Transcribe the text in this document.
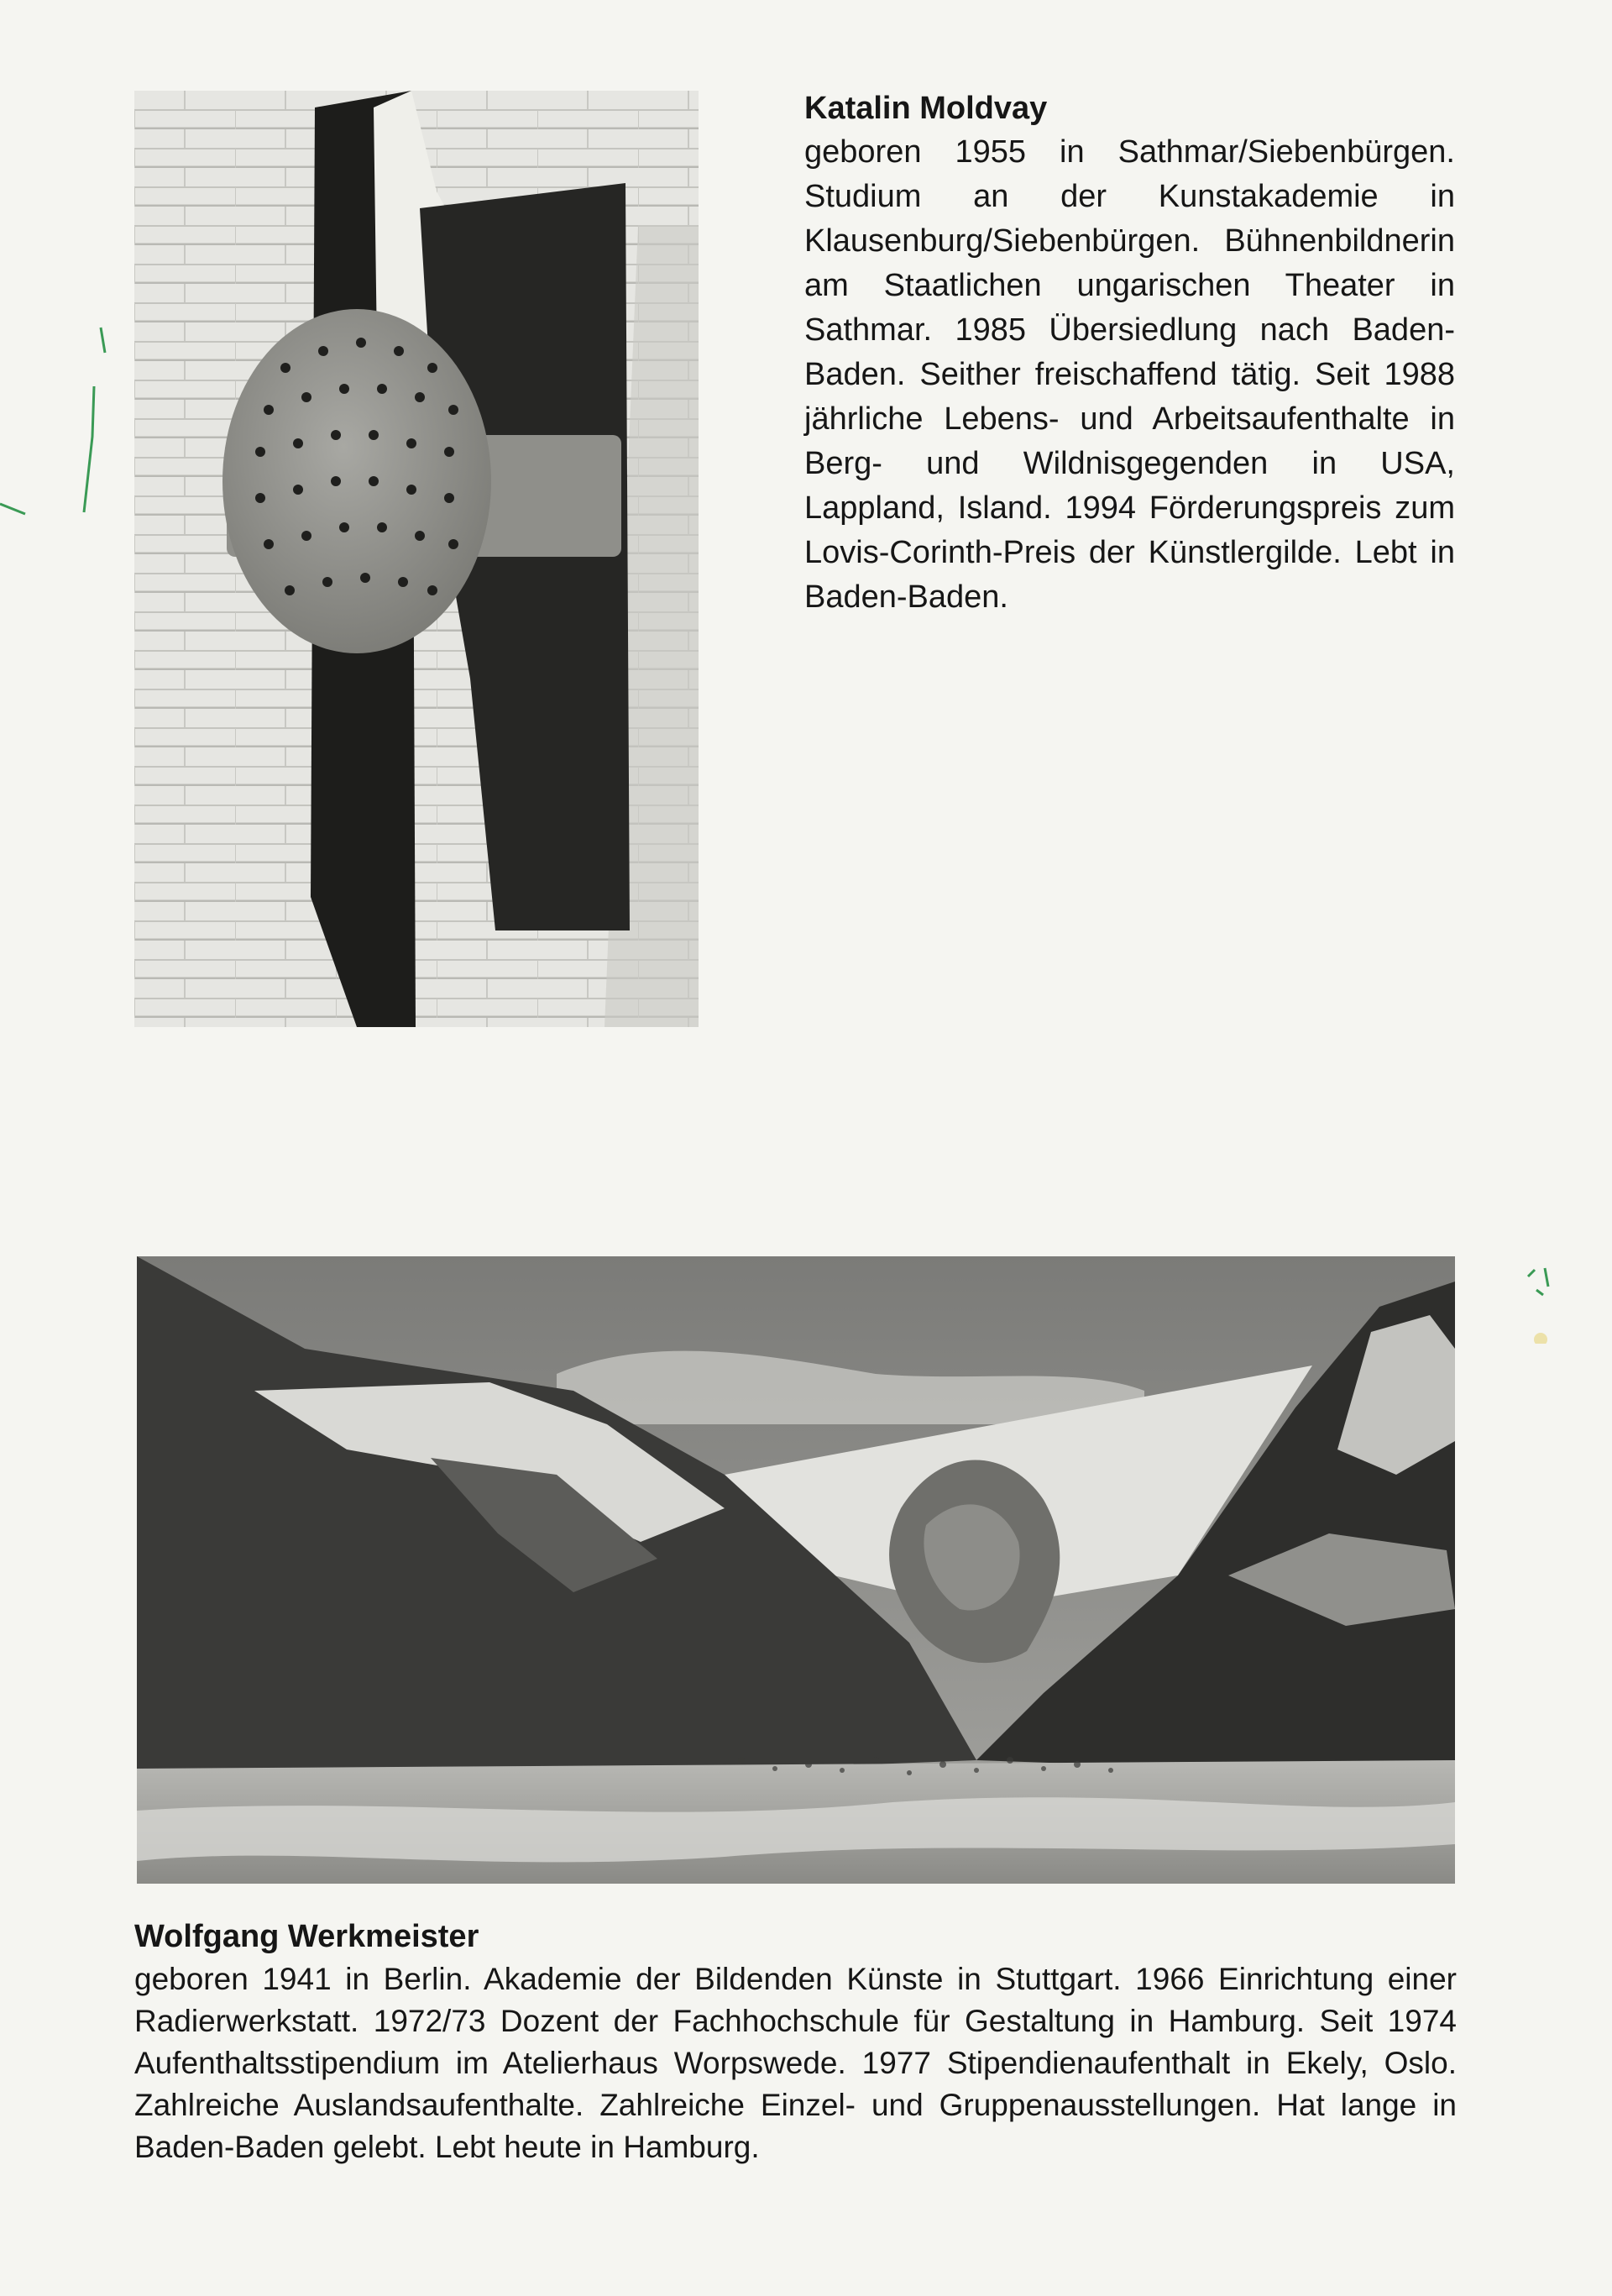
Katalin Moldvay

geboren 1955 in Sathmar/Siebenbürgen. Studium an der Kunstakademie in Klausenburg/Siebenbürgen. Bühnenbildnerin am Staatlichen ungarischen Theater in Sathmar. 1985 Übersiedlung nach Baden-Baden. Seither freischaffend tätig. Seit 1988 jährliche Lebens- und Arbeitsaufenthalte in Berg- und Wildnisgegenden in USA, Lappland, Island. 1994 Förderungspreis zum Lovis-Corinth-Preis der Künstlergilde. Lebt in Baden-Baden.

Wolfgang Werkmeister

geboren 1941 in Berlin. Akademie der Bildenden Künste in Stuttgart. 1966 Einrichtung einer Radierwerkstatt. 1972/73 Dozent der Fachhochschule für Gestaltung in Hamburg. Seit 1974 Aufenthaltsstipendium im Atelierhaus Worpswede. 1977 Stipendienaufenthalt in Ekely, Oslo. Zahlreiche Auslandsaufenthalte. Zahlreiche Einzel- und Gruppenausstellungen. Hat lange in Baden-Baden gelebt. Lebt heute in Hamburg.
